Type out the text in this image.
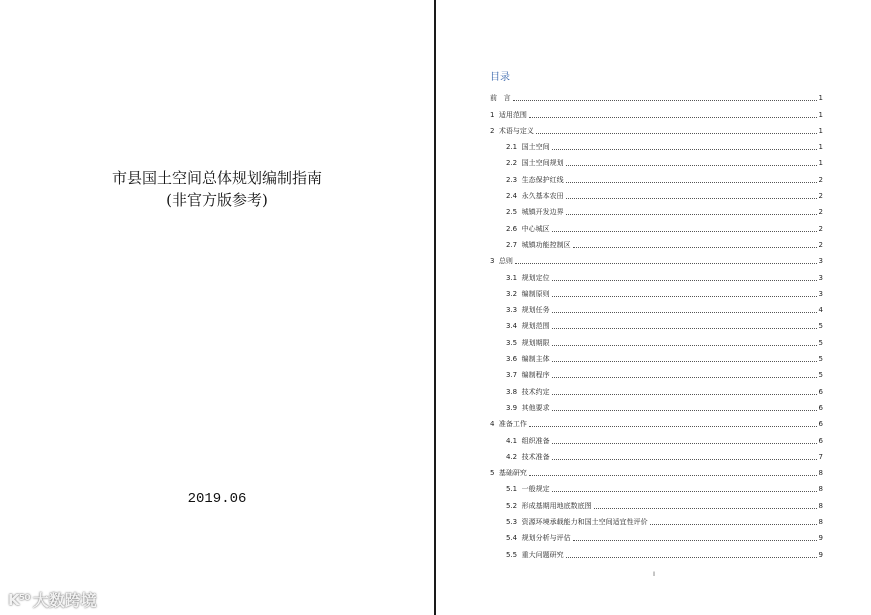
市县国土空间总体规划编制指南
(非官方版参考)
2019.06
K⁵⁰ 大数跨境
目录
前   言	1
1  适用范围	1
2  术语与定义	1
2.1  国土空间	1
2.2  国土空间规划	1
2.3  生态保护红线	2
2.4  永久基本农田	2
2.5  城镇开发边界	2
2.6  中心城区	2
2.7  城镇功能控制区	2
3  总则	3
3.1  规划定位	3
3.2  编制原则	3
3.3  规划任务	4
3.4  规划范围	5
3.5  规划期限	5
3.6  编制主体	5
3.7  编制程序	5
3.8  技术约定	6
3.9  其他要求	6
4  准备工作	6
4.1  组织准备	6
4.2  技术准备	7
5  基础研究	8
5.1  一般规定	8
5.2  形成基期用地底数底图	8
5.3  资源环境承载能力和国土空间适宜性评价	8
5.4  规划分析与评估	9
5.5  重大问题研究	9
I
